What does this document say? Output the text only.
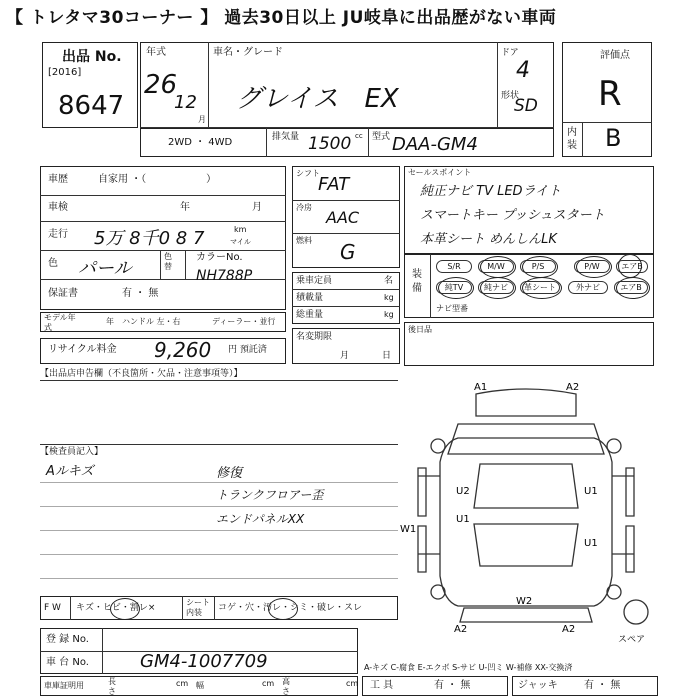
【 トレタマ30コーナー 】 過去30日以上 JU岐阜に出品歴がない車両
出品 No.
[2016]
8647
年式
26
12
月
車名・グレード
グレイス　EX
ドア
4
形状
SD
評価点
R
内
装 B
2WD ・ 4WD	排気量 1500 cc 型式 DAA-GM4
車歴	自家用 ・（　　　　　　）
車検	年	月
走行 5万 8千0 8 7	km
マイル
色 パール
色替
カラーNo.
NH788P
保証書	有 ・ 無
モデル年式
年 ハンドル 左・右	ディーラー・並行
リサイクル料金 9,260 円 預託済
シフト
FAT
冷房
AAC
燃料 G
乗車定員	名
積載量	kg
総重量	kg
名変期限
月	日
セールスポイント
純正ナビ TV LEDライト
スマートキー プッシュスタート
本革シート めんしんLK
装
備
S/R	M/W	P/S	P/W	エアB
純TV	純ナビ	革シート	外ナビ	エアB
ナビ型番
後日品
【出品店申告欄（不良箇所・欠品・注意事項等）】
【検査員記入】
Aルキズ	修復
トランクフロアー歪
エンドパネルXX
F W キズ・ヒビ・割レ×
シート内装	コゲ・穴・汚レ・シミ・破レ・スレ
登 録 No.
車 台 No.	GM4-1007709
車庫証明用	長さ
cm 幅	cm 高さ
cm 工 具	有 ・ 無	ジャッキ	有 ・ 無
A-キズ C-腐食 E-エクボ S-サビ U-凹ミ W-補修 XX-交換済
A1	A2
U2
U1
U1
U1
W1
W2
A2	A2
スペア
